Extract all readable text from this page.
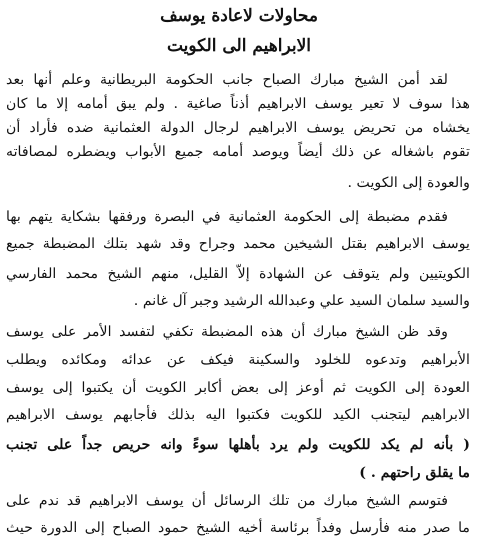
محاولات لاعادة يوسف
الابراهيم الى الكويت
لقد أمن الشيخ مبارك الصباح جانب الحكومة البريطانية وعلم أنها بعد
هذا سوف لا تعير يوسف الابراهيم أذناً صاغية . ولم يبق أمامه إلا ما كان
يخشاه من تحريض يوسف الابراهيم لرجال الدولة العثمانية ضده فأراد أن
تقوم باشغاله عن ذلك أيضاً ويوصد أمامه جميع الأبواب ويضطره لمصافاته
والعودة إلى الكويت .
فقدم مضبطة إلى الحكومة العثمانية في البصرة ورفقها بشكاية يتهم بها
يوسف الابراهيم بقتل الشيخين محمد وجراح وقد شهد بتلك المضبطة جميع
الكويتيين ولم يتوقف عن الشهادة إلاّ القليل، منهم الشيخ محمد الفارسي
والسيد سلمان السيد علي وعبدالله الرشيد وجبر آل غانم .
وقد ظن الشيخ مبارك أن هذه المضبطة تكفي لتفسد الأمر على يوسف
الأبراهيم وتدعوه للخلود والسكينة فيكف عن عدائه ومكائده ويطلب
العودة إلى الكويت ثم أوعز إلى بعض أكابر الكويت أن يكتبوا إلى يوسف
الابراهيم ليتجنب الكيد للكويت فكتبوا اليه بذلك فأجابهم يوسف الابراهيم
( بأنه لم يكد للكويت ولم يرد بأهلها سوءً وانه حريص جداً على تجنب
ما يقلق راحتهم . )
فتوسم الشيخ مبارك من تلك الرسائل أن يوسف الابراهيم قد ندم على
ما صدر منه فأرسل وفداً برئاسة أخيه الشيخ حمود الصباح إلى الدورة حيث
